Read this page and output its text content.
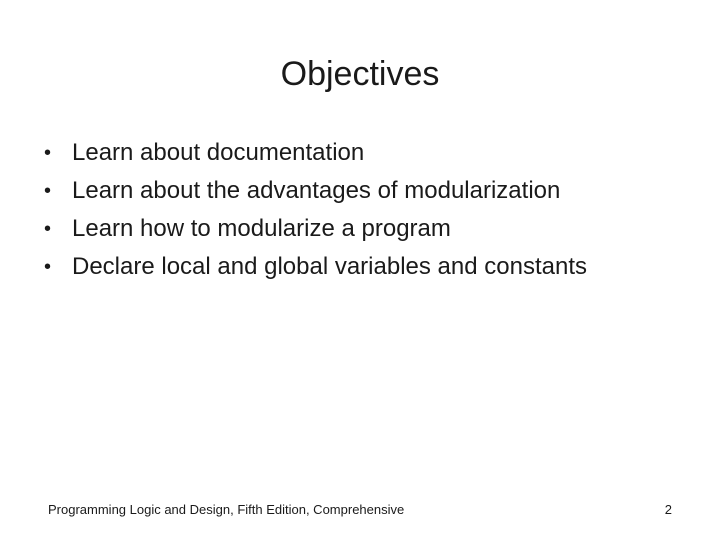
Objectives
• Learn about documentation
• Learn about the advantages of modularization
• Learn how to modularize a program
• Declare local and global variables and constants
Programming Logic and Design, Fifth Edition, Comprehensive	2
